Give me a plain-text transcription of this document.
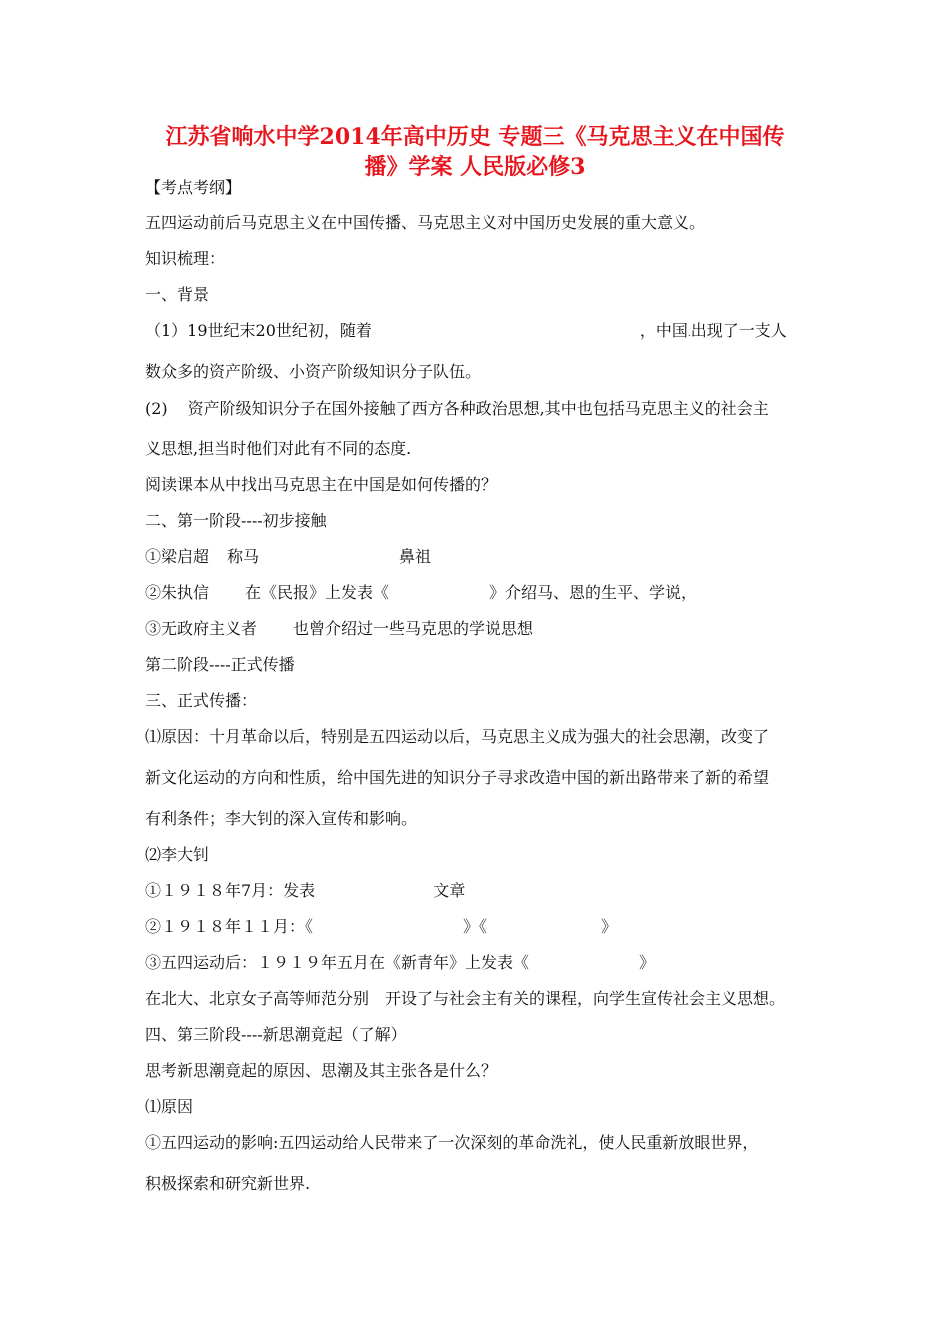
江苏省响水中学2014年高中历史 专题三《马克思主义在中国传
播》学案 人民版必修3
【考点考纲】
五四运动前后马克思主义在中国传播、马克思主义对中国历史发展的重大意义。
知识梳理：
一、背景
（1）19世纪末20世纪初，随着	，中国.出现了一支人
数众多的资产阶级、小资产阶级知识分子队伍。
(2) 资产阶级知识分子在国外接触了西方各种政治思想,其中也包括马克思主义的社会主
义思想,担当时他们对此有不同的态度.
阅读课本从中找出马克思主在中国是如何传播的？
二、第一阶段----初步接触
①梁启超 称马	鼻祖
②朱执信 在《民报》上发表《	》介绍马、恩的生平、学说，
③无政府主义者 也曾介绍过一些马克思的学说思想
第二阶段----正式传播
三、正式传播：
⑴原因：十月革命以后，特别是五四运动以后，马克思主义成为强大的社会思潮，改变了
新文化运动的方向和性质，给中国先进的知识分子寻求改造中国的新出路带来了新的希望
有利条件；李大钊的深入宣传和影响。
⑵李大钊
①１９１８年7月：发表	文章
②１９１８年１１月：《	》《	》
③五四运动后：１９１９年五月在《新青年》上发表《	》
在北大、北京女子高等师范分别　开设了与社会主有关的课程，向学生宣传社会主义思想。
四、第三阶段----新思潮竟起（了解）
思考新思潮竟起的原因、思潮及其主张各是什么？
⑴原因
①五四运动的影响:五四运动给人民带来了一次深刻的革命洗礼，使人民重新放眼世界，
积极探索和研究新世界.
